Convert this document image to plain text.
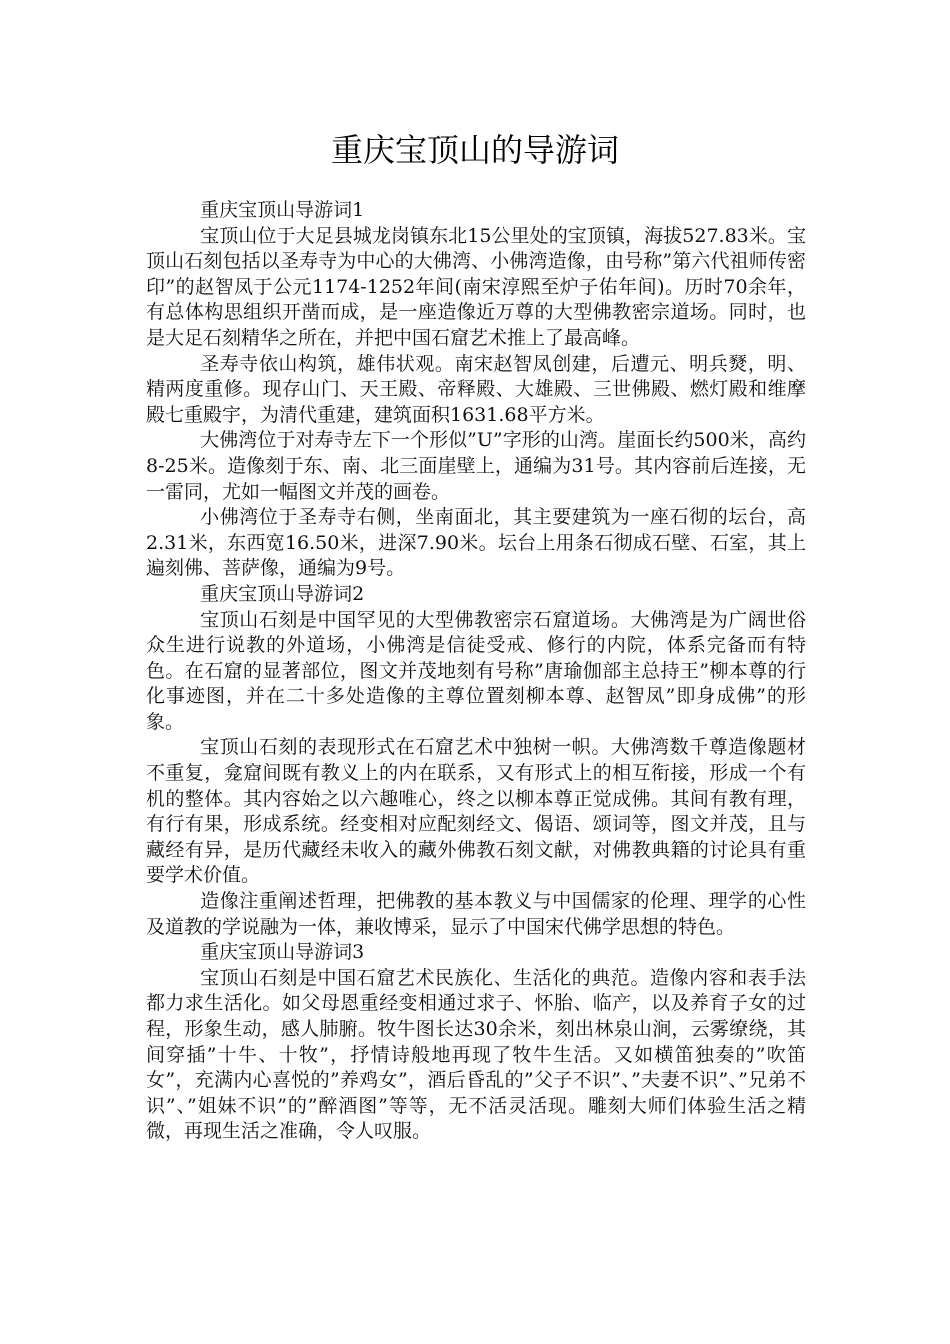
重庆宝顶山的导游词

重庆宝顶山导游词1

宝顶山位于大足县城龙岗镇东北15公里处的宝顶镇，海拔527.83米。宝顶山石刻包括以圣寿寺为中心的大佛湾、小佛湾造像，由号称”第六代祖师传密印”的赵智凤于公元1174-1252年间(南宋淳熙至炉子佑年间)。历时70余年，有总体构思组织开凿而成，是一座造像近万尊的大型佛教密宗道场。同时，也是大足石刻精华之所在，并把中国石窟艺术推上了最高峰。

圣寿寺依山构筑，雄伟状观。南宋赵智凤创建，后遭元、明兵燹，明、精两度重修。现存山门、天王殿、帝释殿、大雄殿、三世佛殿、燃灯殿和维摩殿七重殿宇，为清代重建，建筑面积1631.68平方米。

大佛湾位于对寿寺左下一个形似”U”字形的山湾。崖面长约500米，高约8-25米。造像刻于东、南、北三面崖壁上，通编为31号。其内容前后连接，无一雷同，尤如一幅图文并茂的画卷。

小佛湾位于圣寿寺右侧，坐南面北，其主要建筑为一座石彻的坛台，高2.31米，东西宽16.50米，进深7.90米。坛台上用条石彻成石壁、石室，其上遍刻佛、菩萨像，通编为9号。

重庆宝顶山导游词2

宝顶山石刻是中国罕见的大型佛教密宗石窟道场。大佛湾是为广阔世俗众生进行说教的外道场，小佛湾是信徒受戒、修行的内院，体系完备而有特色。在石窟的显著部位，图文并茂地刻有号称”唐瑜伽部主总持王”柳本尊的行化事迹图，并在二十多处造像的主尊位置刻柳本尊、赵智凤”即身成佛”的形象。

宝顶山石刻的表现形式在石窟艺术中独树一帜。大佛湾数千尊造像题材不重复，龛窟间既有教义上的内在联系，又有形式上的相互衔接，形成一个有机的整体。其内容始之以六趣唯心，终之以柳本尊正觉成佛。其间有教有理，有行有果，形成系统。经变相对应配刻经文、偈语、颂词等，图文并茂，且与藏经有异，是历代藏经未收入的藏外佛教石刻文献，对佛教典籍的讨论具有重要学术价值。

造像注重阐述哲理，把佛教的基本教义与中国儒家的伦理、理学的心性及道教的学说融为一体，兼收博采，显示了中国宋代佛学思想的特色。

重庆宝顶山导游词3

宝顶山石刻是中国石窟艺术民族化、生活化的典范。造像内容和表手法都力求生活化。如父母恩重经变相通过求子、怀胎、临产，以及养育子女的过程，形象生动，感人肺腑。牧牛图长达30余米，刻出林泉山涧，云雾缭绕，其间穿插”十牛、十牧”，抒情诗般地再现了牧牛生活。又如横笛独奏的”吹笛女”，充满内心喜悦的”养鸡女”，酒后昏乱的”父子不识”、”夫妻不识”、”兄弟不识”、”姐妹不识”的”醉酒图”等等，无不活灵活现。雕刻大师们体验生活之精微，再现生活之准确，令人叹服。
